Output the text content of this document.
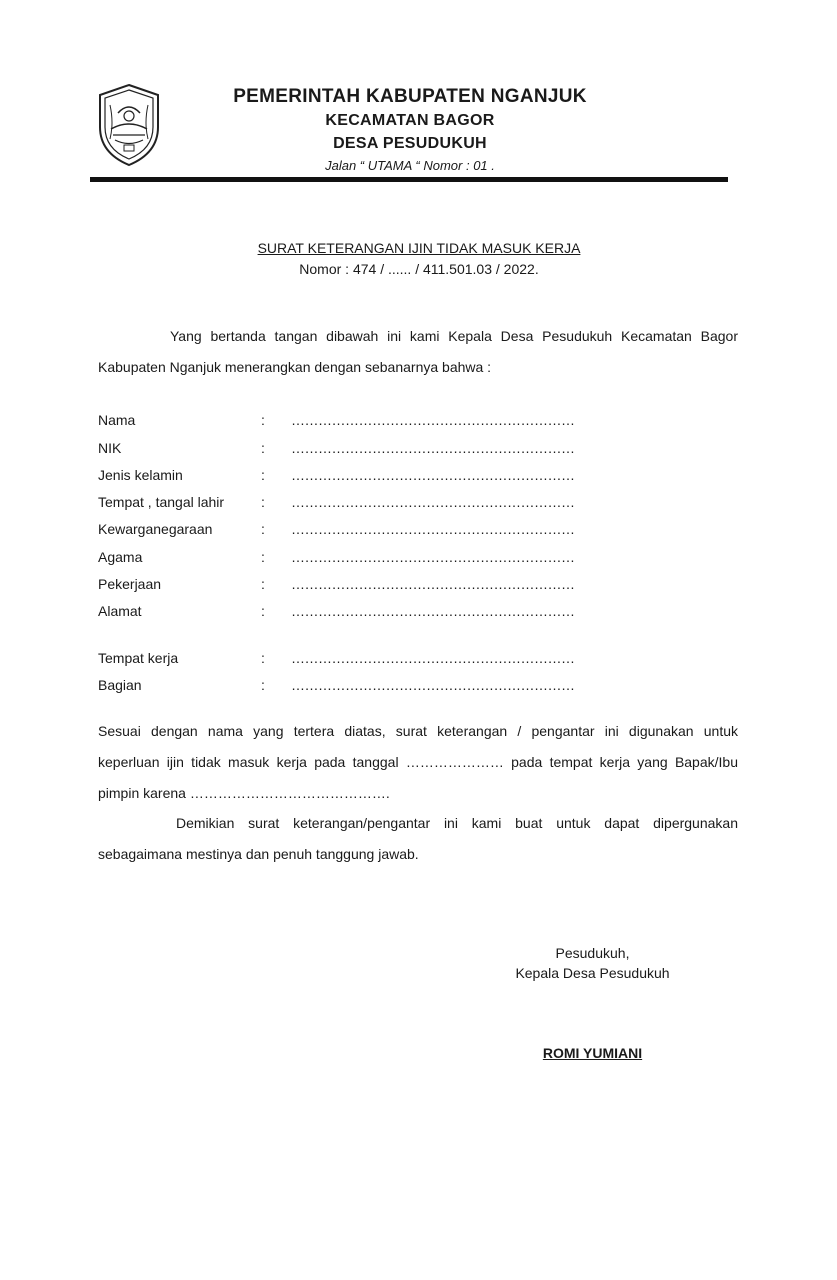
PEMERINTAH KABUPATEN NGANJUK
KECAMATAN BAGOR
DESA PESUDUKUH
Jalan “ UTAMA “ Nomor : 01 .
SURAT KETERANGAN IJIN TIDAK MASUK KERJA
Nomor : 474 / ...... / 411.501.03 / 2022.
Yang bertanda tangan dibawah ini kami Kepala Desa Pesudukuh Kecamatan Bagor
Kabupaten Nganjuk menerangkan dengan sebanarnya bahwa :
Nama	: ………………………………………………………
NIK	: ………………………………………………………
Jenis kelamin	: ………………………………………………………
Tempat , tangal lahir	: ………………………………………………………
Kewarganegaraan	: ………………………………………………………
Agama	: ………………………………………………………
Pekerjaan	: ………………………………………………………
Alamat	: ………………………………………………………
Tempat kerja	: ………………………………………………………
Bagian	: ………………………………………………………
Sesuai dengan nama yang tertera diatas, surat keterangan / pengantar ini digunakan untuk
keperluan ijin tidak masuk kerja pada tanggal ………………… pada tempat kerja yang Bapak/Ibu
pimpin karena …………………………………….
Demikian surat keterangan/pengantar ini kami buat untuk dapat dipergunakan
sebagaimana mestinya dan penuh tanggung jawab.
Pesudukuh,
Kepala Desa Pesudukuh
ROMI YUMIANI
